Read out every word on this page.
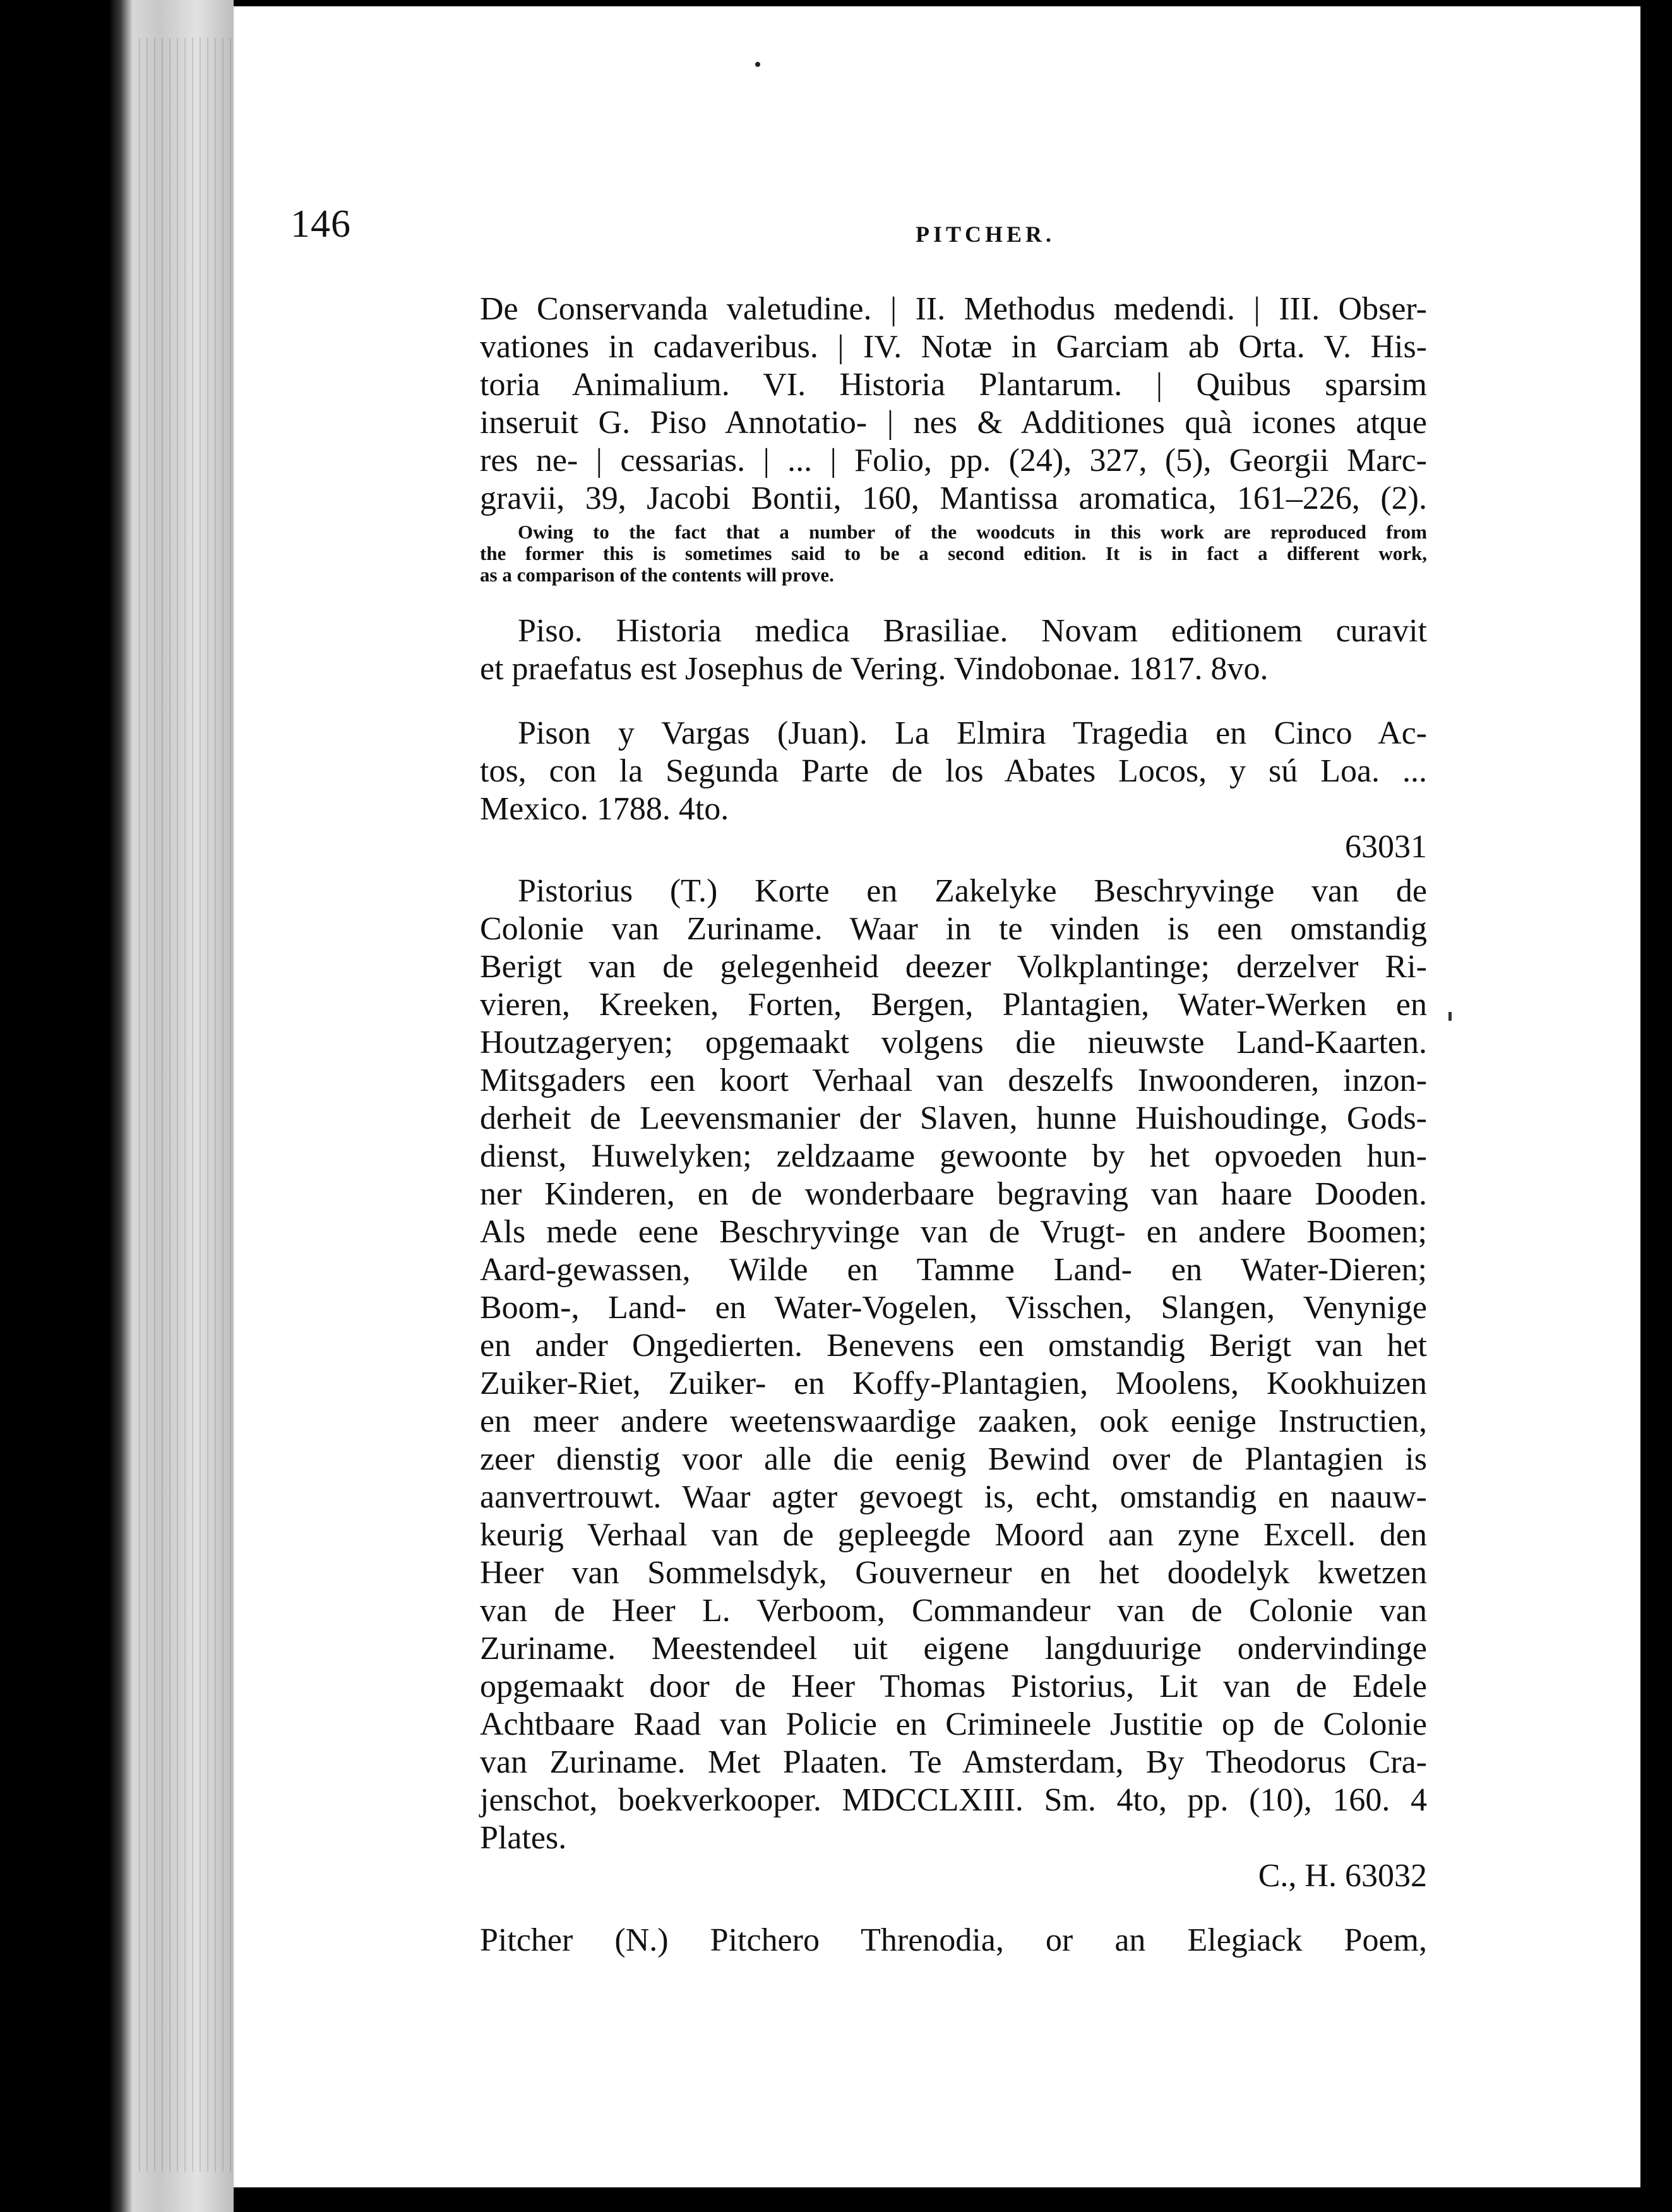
146	PITCHER.
De Conservanda valetudine. | II. Methodus medendi. | III. Obser-
vationes in cadaveribus. | IV. Notæ in Garciam ab Orta. V. His-
toria Animalium. VI. Historia Plantarum. | Quibus sparsim
inseruit G. Piso Annotatio- | nes & Additiones quà icones atque
res ne- | cessarias. | ... | Folio, pp. (24), 327, (5), Georgii Marc-
gravii, 39, Jacobi Bontii, 160, Mantissa aromatica, 161–226, (2).
Owing to the fact that a number of the woodcuts in this work are reproduced from
the former this is sometimes said to be a second edition. It is in fact a different work,
as a comparison of the contents will prove.
Piso. Historia medica Brasiliae. Novam editionem curavit
et praefatus est Josephus de Vering. Vindobonae. 1817. 8vo.
Pison y Vargas (Juan). La Elmira Tragedia en Cinco Ac-
tos, con la Segunda Parte de los Abates Locos, y sú Loa. ...
Mexico. 1788. 4to.
63031
Pistorius (T.) Korte en Zakelyke Beschryvinge van de
Colonie van Zuriname. Waar in te vinden is een omstandig
Berigt van de gelegenheid deezer Volkplantinge; derzelver Ri-
vieren, Kreeken, Forten, Bergen, Plantagien, Water-Werken en
Houtzageryen; opgemaakt volgens die nieuwste Land-Kaarten.
Mitsgaders een koort Verhaal van deszelfs Inwoonderen, inzon-
derheit de Leevensmanier der Slaven, hunne Huishoudinge, Gods-
dienst, Huwelyken; zeldzaame gewoonte by het opvoeden hun-
ner Kinderen, en de wonderbaare begraving van haare Dooden.
Als mede eene Beschryvinge van de Vrugt- en andere Boomen;
Aard-gewassen, Wilde en Tamme Land- en Water-Dieren;
Boom-, Land- en Water-Vogelen, Visschen, Slangen, Venynige
en ander Ongedierten. Benevens een omstandig Berigt van het
Zuiker-Riet, Zuiker- en Koffy-Plantagien, Moolens, Kookhuizen
en meer andere weetenswaardige zaaken, ook eenige Instructien,
zeer dienstig voor alle die eenig Bewind over de Plantagien is
aanvertrouwt. Waar agter gevoegt is, echt, omstandig en naauw-
keurig Verhaal van de gepleegde Moord aan zyne Excell. den
Heer van Sommelsdyk, Gouverneur en het doodelyk kwetzen
van de Heer L. Verboom, Commandeur van de Colonie van
Zuriname. Meestendeel uit eigene langduurige ondervindinge
opgemaakt door de Heer Thomas Pistorius, Lit van de Edele
Achtbaare Raad van Policie en Crimineele Justitie op de Colonie
van Zuriname. Met Plaaten. Te Amsterdam, By Theodorus Cra-
jenschot, boekverkooper. MDCCLXIII. Sm. 4to, pp. (10), 160. 4
Plates.
C., H. 63032
Pitcher (N.) Pitchero Threnodia, or an Elegiack Poem,
